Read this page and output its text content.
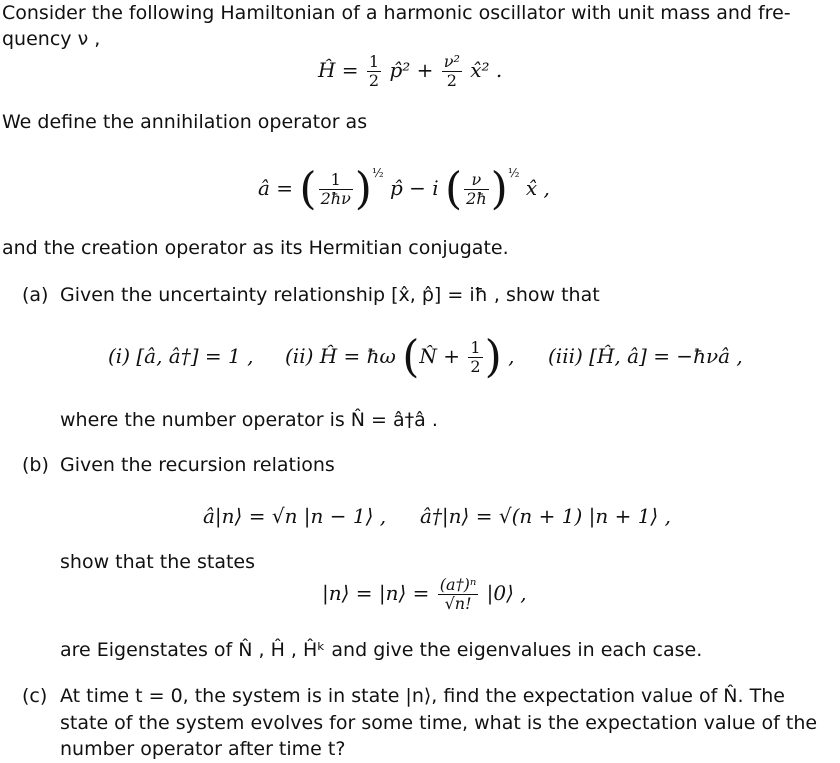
Consider the following Hamiltonian of a harmonic oscillator with unit mass and fre-
quency ν ,
Ĥ = $\frac{1}{2}$ p̂² + $\frac{\text{ν²}}{2}$ x̂² .
We define the annihilation operator as
â = ( $\frac{1}{2ħ\nu} )^{\frac{1}{2}}$ p̂ − i ( $\frac{\nu}{2ħ} )^{\frac{1}{2}}$ x̂ ,
and the creation operator as its Hermitian conjugate.
(a) Given the uncertainty relationship [x̂, p̂] = iħ , show that
(i) [â, â†] = 1 , (ii) Ĥ = ħω (N̂ + $\frac{1}{2}$ ) , (iii) [Ĥ, â] = −ħνâ ,
where the number operator is N̂ = â†â .
(b) Given the recursion relations
â|n⟩ = √n |n − 1⟩ , â†|n⟩ = √(n + 1) |n + 1⟩ ,
show that the states
|n⟩ = |n⟩ = $\frac{\text{(a†)ⁿ}}{√n!}$ |0⟩ ,
are Eigenstates of N̂ , Ĥ , Ĥᵏ and give the eigenvalues in each case.
(c) At time t = 0, the system is in state |n⟩, find the expectation value of N̂. The
state of the system evolves for some time, what is the expectation value of the
number operator after time t?
